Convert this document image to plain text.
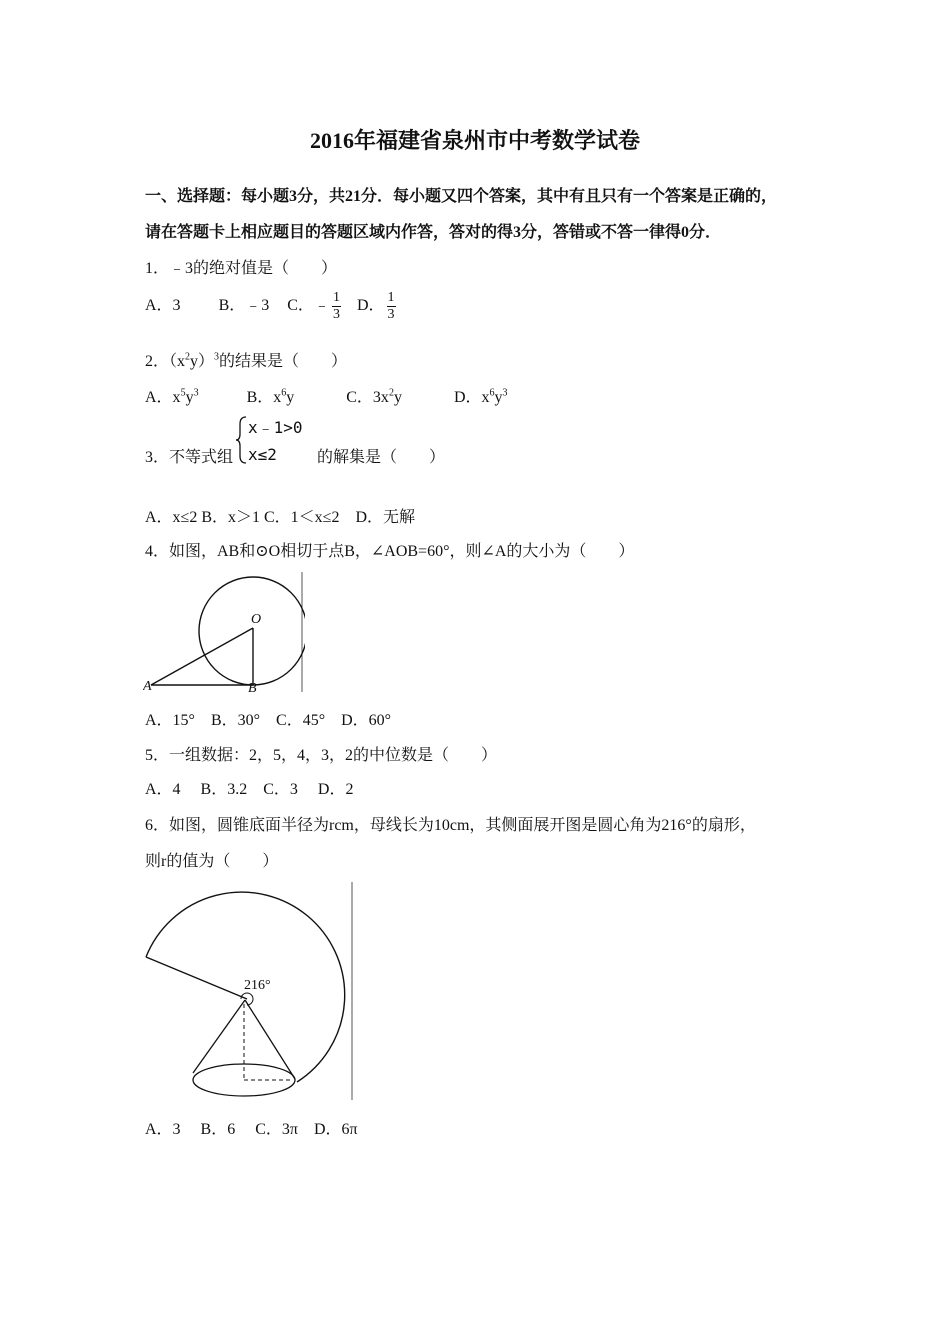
2016年福建省泉州市中考数学试卷
一、选择题：每小题3分，共21分．每小题又四个答案，其中有且只有一个答案是正确的，
请在答题卡上相应题目的答题区域内作答，答对的得3分，答错或不答一律得0分．
1．﹣3的绝对值是（　　）
A．3 B．﹣3 C．﹣ $\frac{1}{3}$ D． $\frac{1}{3}$
2．$(x^2y)^3$的结果是（　　）
A．$x^5y^3$	B．$x^6y$	C．$3x^2y$	D．$x^6y^3$
3．不等式组
x﹣1>0
x≤2	的解集是（　　）
A．x≤2 B．x＞1 C．1＜x≤2　D．无解
4．如图，AB和⊙O相切于点B，∠AOB=60°，则∠A的大小为（　　）
O
A	B
A．15°　B．30°　C．45°　D．60°
5．一组数据：2，5，4，3，2的中位数是（　　）
A．4　 B．3.2　C．3　 D．2
6．如图，圆锥底面半径为rcm，母线长为10cm，其侧面展开图是圆心角为216°的扇形，
则r的值为（　　）
216°
A．3　 B．6　 C．3π　D．6π
